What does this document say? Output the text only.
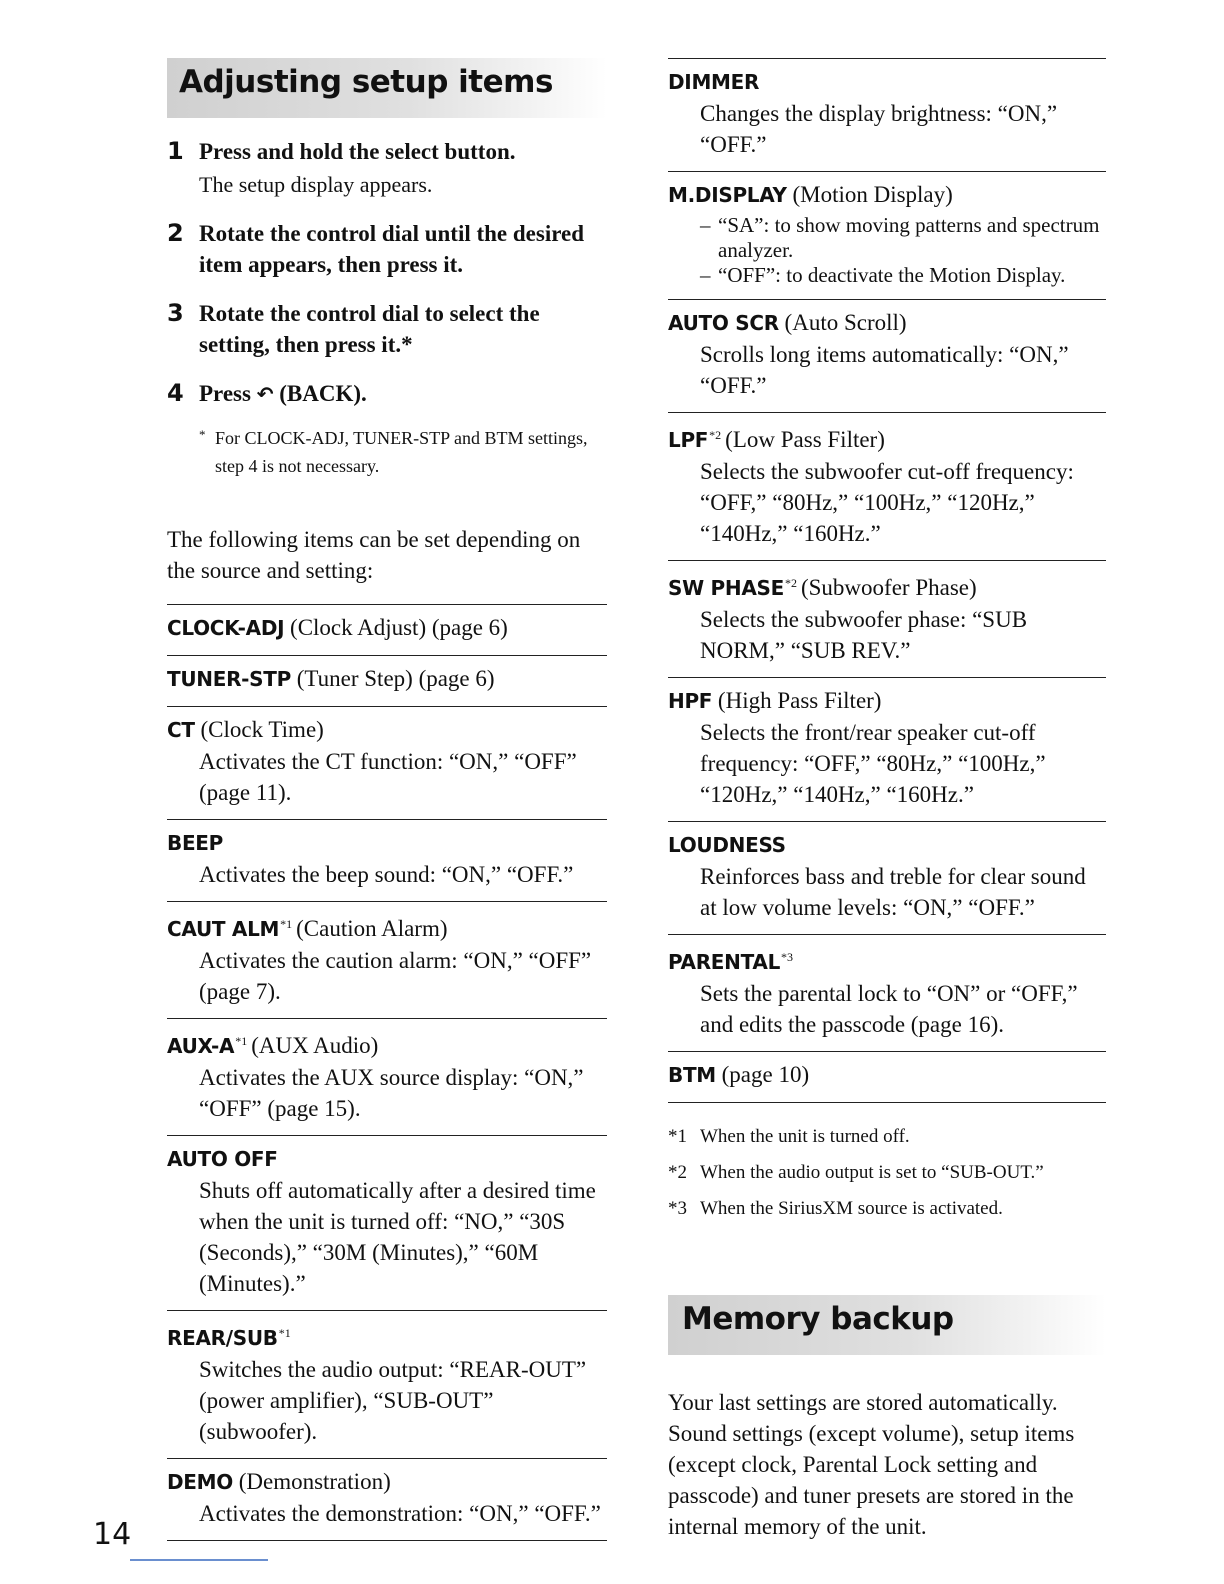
Adjusting setup items
1 Press and hold the select button.
The setup display appears.
2 Rotate the control dial until the desired item appears, then press it.
3 Rotate the control dial to select the setting, then press it.*
4 Press ↶ (BACK).
* For CLOCK-ADJ, TUNER-STP and BTM settings, step 4 is not necessary.
The following items can be set depending on the source and setting:
CLOCK-ADJ (Clock Adjust) (page 6)
TUNER-STP (Tuner Step) (page 6)
CT (Clock Time)
Activates the CT function: “ON,” “OFF” (page 11).
BEEP
Activates the beep sound: “ON,” “OFF.”
CAUT ALM$^{*1}$ (Caution Alarm)
Activates the caution alarm: “ON,” “OFF” (page 7).
AUX-$A^{*1}$ (AUX Audio)
Activates the AUX source display: “ON,” “OFF” (page 15).
AUTO OFF
Shuts off automatically after a desired time when the unit is turned off: “NO,” “30S (Seconds),” “30M (Minutes),” “60M (Minutes).”
REAR/SUB$^{*1}$
Switches the audio output: “REAR-OUT” (power amplifier), “SUB-OUT” (subwoofer).
DEMO (Demonstration)
Activates the demonstration: “ON,” “OFF.”
DIMMER
Changes the display brightness: “ON,” “OFF.”
M.DISPLAY (Motion Display)
– “SA”: to show moving patterns and spectrum analyzer.
– “OFF”: to deactivate the Motion Display.
AUTO SCR (Auto Scroll)
Scrolls long items automatically: “ON,” “OFF.”
LPF$^{*2}$ (Low Pass Filter)
Selects the subwoofer cut-off frequency: “OFF,” “80Hz,” “100Hz,” “120Hz,” “140Hz,” “160Hz.”
SW PHASE$^{*2}$ (Subwoofer Phase)
Selects the subwoofer phase: “SUB NORM,” “SUB REV.”
HPF (High Pass Filter)
Selects the front/rear speaker cut-off frequency: “OFF,” “80Hz,” “100Hz,” “120Hz,” “140Hz,” “160Hz.”
LOUDNESS
Reinforces bass and treble for clear sound at low volume levels: “ON,” “OFF.”
PARENTAL$^{*3}$
Sets the parental lock to “ON” or “OFF,” and edits the passcode (page 16).
BTM (page 10)
*1 When the unit is turned off.
*2 When the audio output is set to “SUB-OUT.”
*3 When the SiriusXM source is activated.
Memory backup
Your last settings are stored automatically. Sound settings (except volume), setup items (except clock, Parental Lock setting and passcode) and tuner presets are stored in the internal memory of the unit.
14
